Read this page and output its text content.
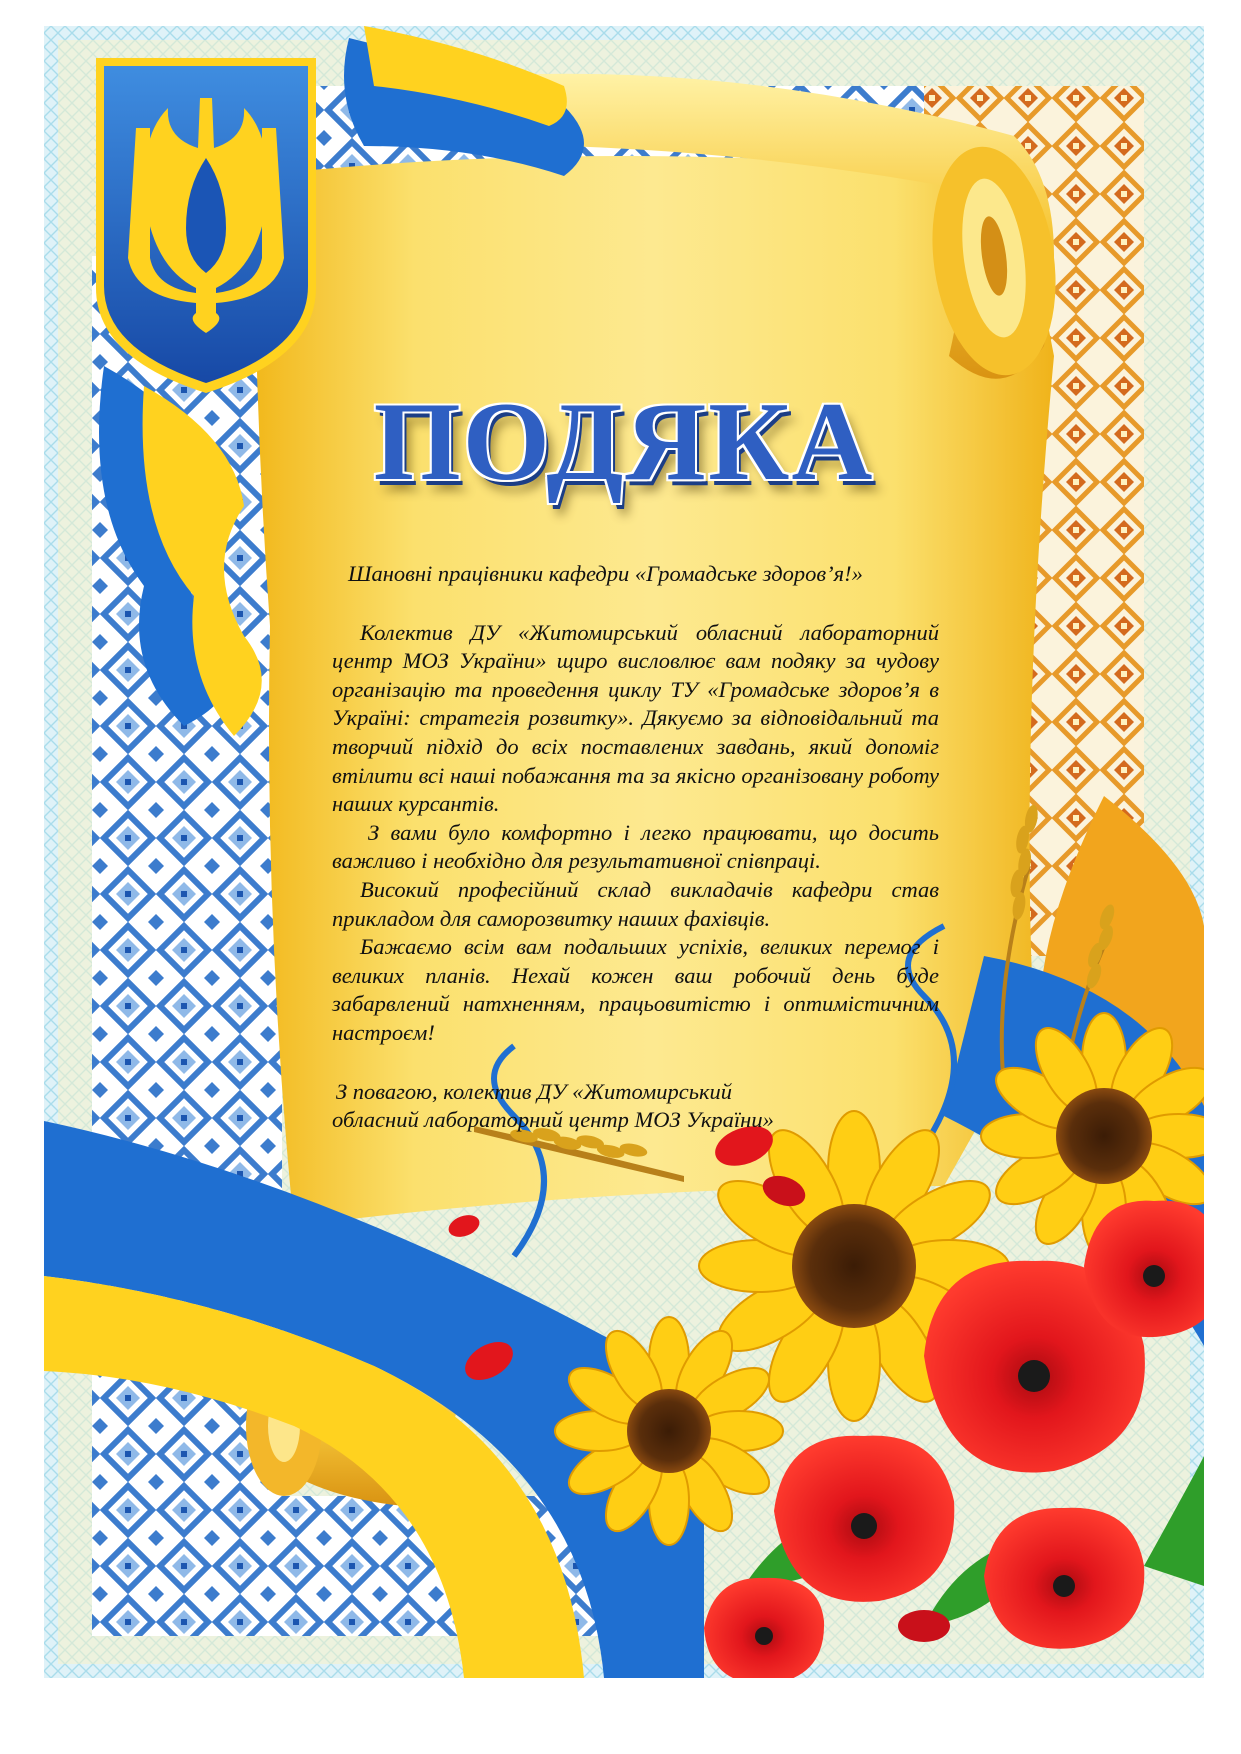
ПОДЯКА

Шановні працівники кафедри «Громадське здоров’я!»

Колектив ДУ «Житомирський обласний лабораторний центр МОЗ України» щиро висловлює вам подяку за чудову організацію та проведення циклу ТУ «Громадське здоров’я в Україні: стратегія розвитку». Дякуємо за відповідальний та творчий підхід до всіх поставлених завдань, який допоміг втілити всі наші побажання та за якісно організовану роботу наших курсантів.

З вами було комфортно і легко працювати, що досить важливо і необхідно для результативної співпраці.

Високий професійний склад викладачів кафедри став прикладом для саморозвитку наших фахівців.

Бажаємо всім вам подальших успіхів, великих перемог і великих планів. Нехай кожен ваш робочий день буде забарвлений натхненням, працьовитістю і оптимістичним настроєм!

З повагою, колектив ДУ «Житомирський
обласний лабораторний центр МОЗ України»
